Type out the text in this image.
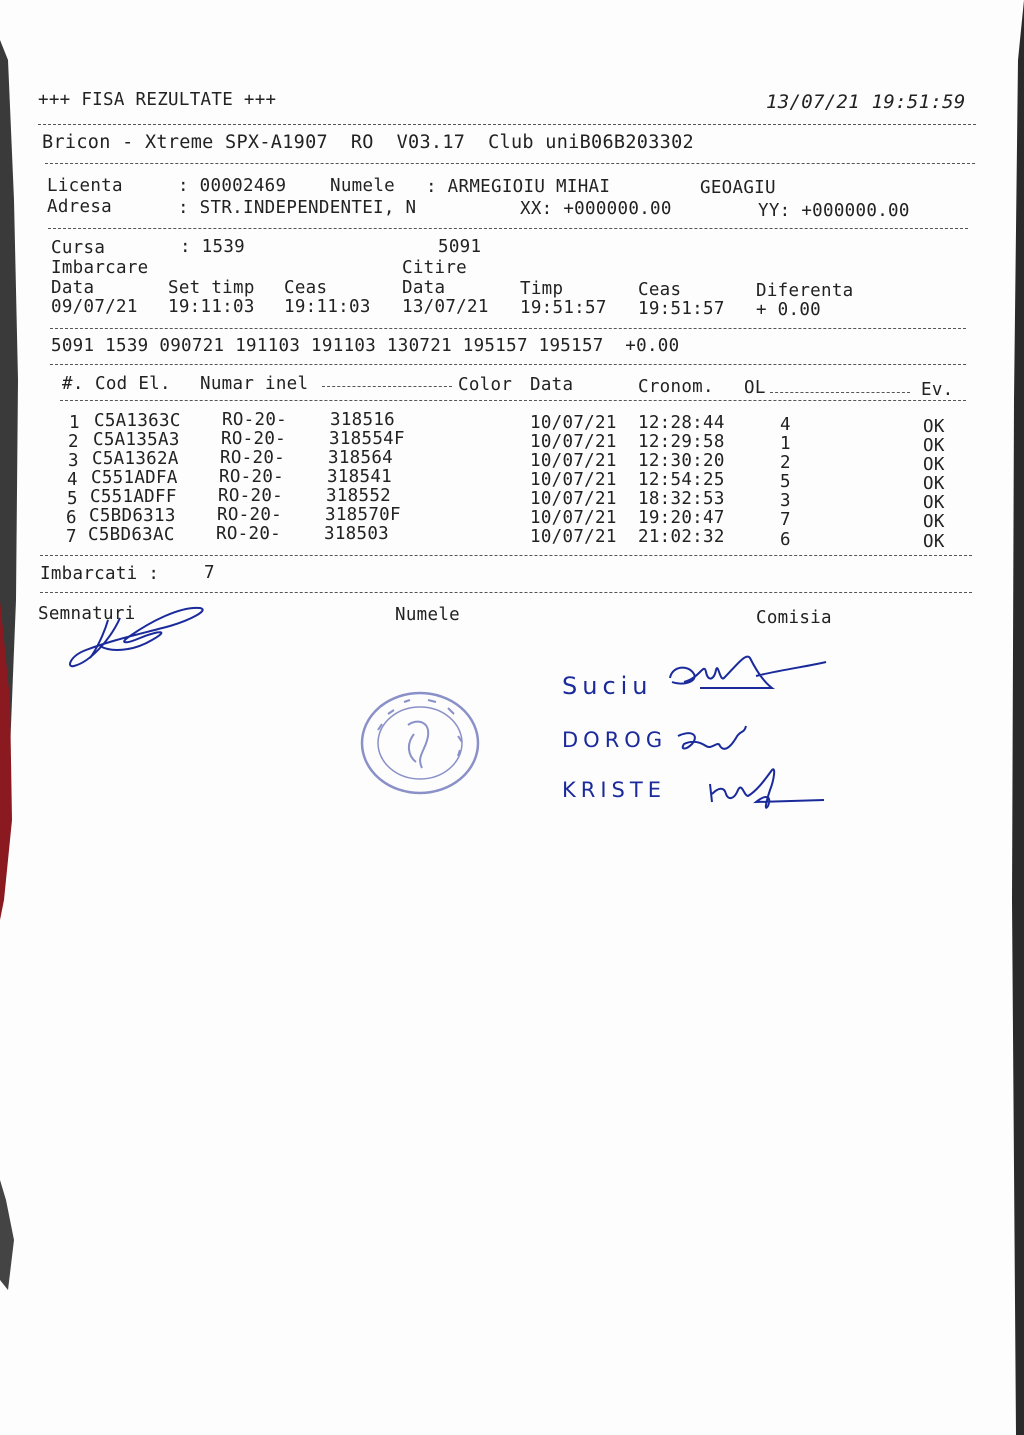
+++ FISA REZULTATE +++	13/07/21 19:51:59
Bricon - Xtreme SPX-A1907  RO  V03.17  Club uniB06B203302
Licenta	: 00002469 Numele : ARMEGIOIU MIHAI	GEOAGIU
Adresa	: STR.INDEPENDENTEI, N	XX: +000000.00	YY: +000000.00
Cursa	: 1539	5091
Imbarcare	Citire
Data	Set timp Ceas	Data	Timp	Ceas	Diferenta
09/07/21 19:11:03 19:11:03 13/07/21 19:51:57 19:51:57 + 0.00
5091 1539 090721 191103 191103 130721 195157 195157  +0.00
#. Cod El. Numar inel	Color Data	Cronom. OL	Ev.
1 C5A1363C RO-20- 318516	10/07/21 12:28:44	4	OK
2 C5A135A3 RO-20- 318554F	10/07/21 12:29:58	1	OK
3 C5A1362A RO-20- 318564	10/07/21 12:30:20	2	OK
4 C551ADFA RO-20- 318541	10/07/21 12:54:25	5	OK
5 C551ADFF RO-20- 318552	10/07/21 18:32:53	3	OK
6 C5BD6313 RO-20- 318570F	10/07/21 19:20:47	7	OK
7 C5BD63AC RO-20- 318503	10/07/21 21:02:32	6	OK
Imbarcati :	7
Semnaturi	Numele	Comisia
Suciu
DOROG
KRISTE
